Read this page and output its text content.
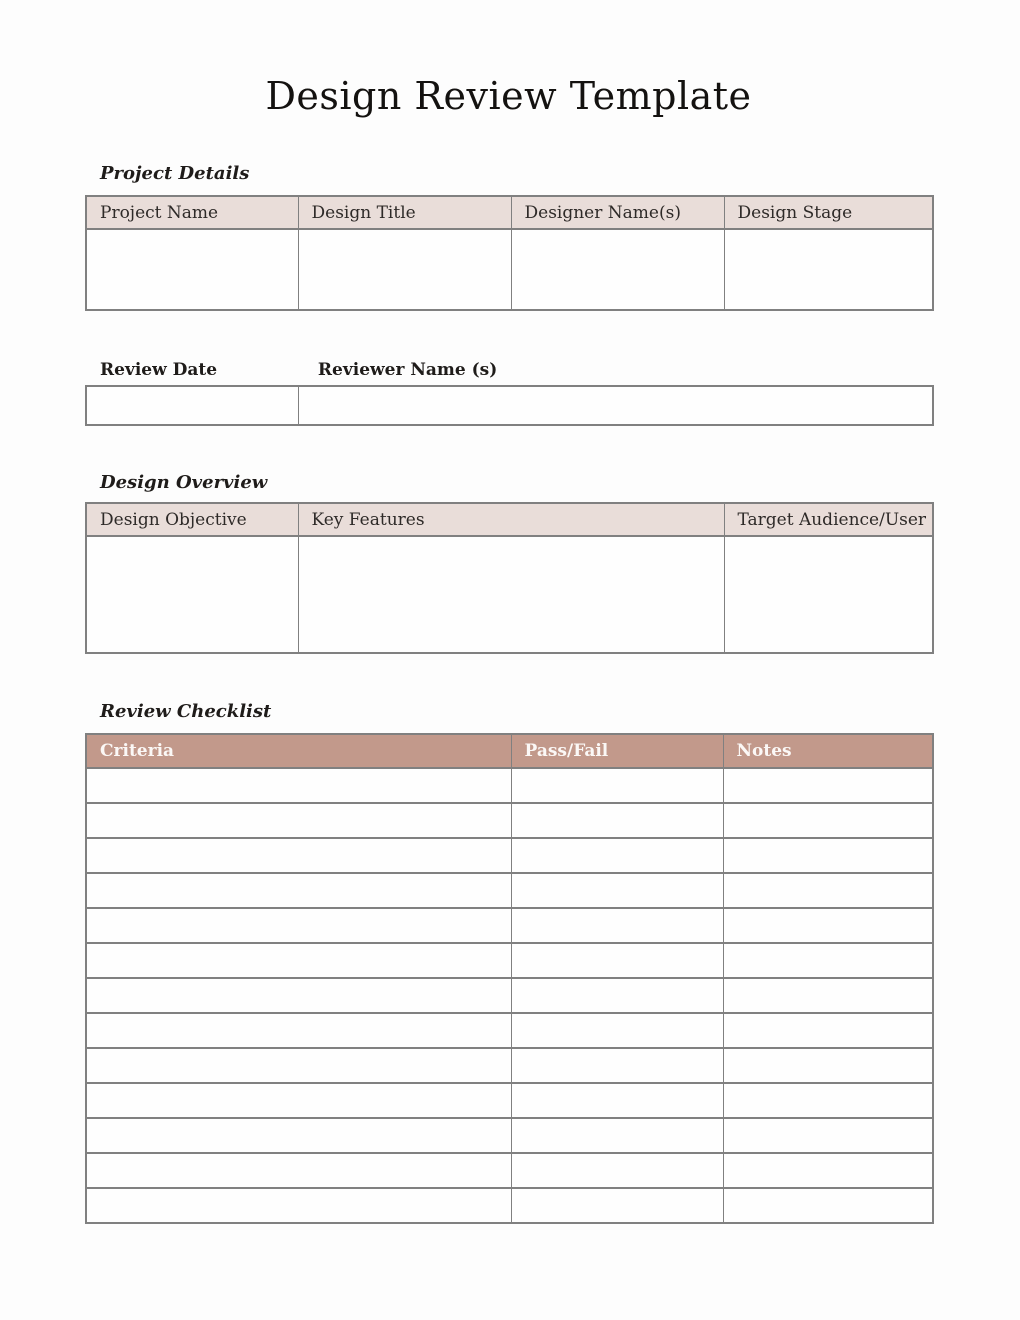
Design Review Template
Project Details
Project Name	Design Title	Designer Name(s)	Design Stage

Review Date	Reviewer Name (s)

Design Overview
Design Objective	Key Features	Target Audience/User

Review Checklist
Criteria	Pass/Fail	Notes
